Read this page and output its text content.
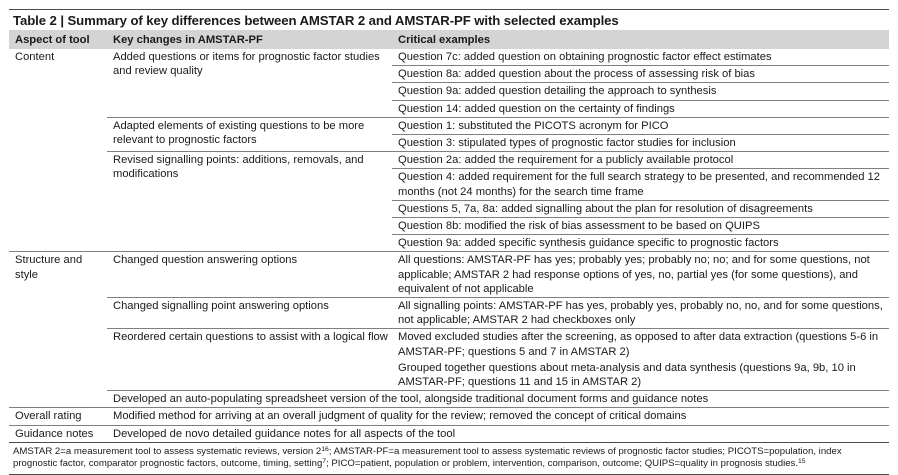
Table 2 | Summary of key differences between AMSTAR 2 and AMSTAR-PF with selected examples
Aspect of tool	Key changes in AMSTAR-PF	Critical examples
Content	Added questions or items for prognostic factor studies and review quality	Question 7c: added question on obtaining prognostic factor effect estimates
		Question 8a: added question about the process of assessing risk of bias
		Question 9a: added question detailing the approach to synthesis
		Question 14: added question on the certainty of findings
	Adapted elements of existing questions to be more relevant to prognostic factors	Question 1: substituted the PICOTS acronym for PICO
		Question 3: stipulated types of prognostic factor studies for inclusion
	Revised signalling points: additions, removals, and modifications	Question 2a: added the requirement for a publicly available protocol
		Question 4: added requirement for the full search strategy to be presented, and recommended 12 months (not 24 months) for the search time frame
		Questions 5, 7a, 8a: added signalling about the plan for resolution of disagreements
		Question 8b: modified the risk of bias assessment to be based on QUIPS
		Question 9a: added specific synthesis guidance specific to prognostic factors
Structure and style	Changed question answering options	All questions: AMSTAR-PF has yes; probably yes; probably no; no; and for some questions, not applicable; AMSTAR 2 had response options of yes, no, partial yes (for some questions), and equivalent of not applicable
	Changed signalling point answering options	All signalling points: AMSTAR-PF has yes, probably yes, probably no, no, and for some questions, not applicable; AMSTAR 2 had checkboxes only
	Reordered certain questions to assist with a logical flow	Moved excluded studies after the screening, as opposed to after data extraction (questions 5-6 in AMSTAR-PF; questions 5 and 7 in AMSTAR 2)
		Grouped together questions about meta-analysis and data synthesis (questions 9a, 9b, 10 in AMSTAR-PF; questions 11 and 15 in AMSTAR 2)
	Developed an auto-populating spreadsheet version of the tool, alongside traditional document forms and guidance notes	
Overall rating	Modified method for arriving at an overall judgment of quality for the review; removed the concept of critical domains	
Guidance notes	Developed de novo detailed guidance notes for all aspects of the tool	
AMSTAR 2=a measurement tool to assess systematic reviews, version $2^{16}$; AMSTAR-PF=a measurement tool to assess systematic reviews of prognostic factor studies; PICOTS=population, index prognostic factor, comparator prognostic factors, outcome, timing, setting$^7$; PICO=patient, population or problem, intervention, comparison, outcome; QUIPS=quality in prognosis studies.$^{15}$
